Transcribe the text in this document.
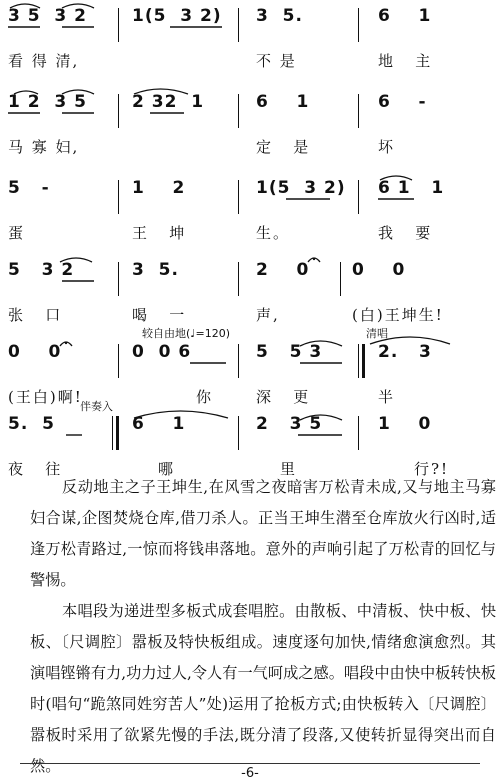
3 5  3 2
看 得 清,
1(5  3 2) 3  5.
不 是
6    1
地   主
1 2  3 5
马 寡 妇,
2 32  1	6    1
定   是
6    -
坏
5   -
蛋
1    2
王   坤
1(5  3 2)
生。
6 1   1
我   要
5   3 2
张   口
3  5.
喝   一
2    0
声,
0    0
(白)王坤生!
0    0
(王白)啊!
0  0 6
你
5   5 3
深   更
2.   3
半
5.  5
夜   往
6    1
哪
2   3 5
里
1    0
行?!
较自由地(♩=120)	清唱
伴奏入

反动地主之子王坤生,在风雪之夜暗害万松青未成,又与地主马寡妇合谋,企图焚烧仓库,借刀杀人。正当王坤生潜至仓库放火行凶时,适逢万松青路过,一惊而将钱串落地。意外的声响引起了万松青的回忆与警惕。

本唱段为递进型多板式成套唱腔。由散板、中清板、快中板、快板、〔尺调腔〕嚣板及特快板组成。速度逐句加快,情绪愈演愈烈。其演唱铿锵有力,功力过人,令人有一气呵成之感。唱段中由快中板转快板时(唱句“跪煞同姓穷苦人”处)运用了抢板方式;由快板转入〔尺调腔〕嚣板时采用了欲紧先慢的手法,既分清了段落,又使转折显得突出而自然。	-6-
